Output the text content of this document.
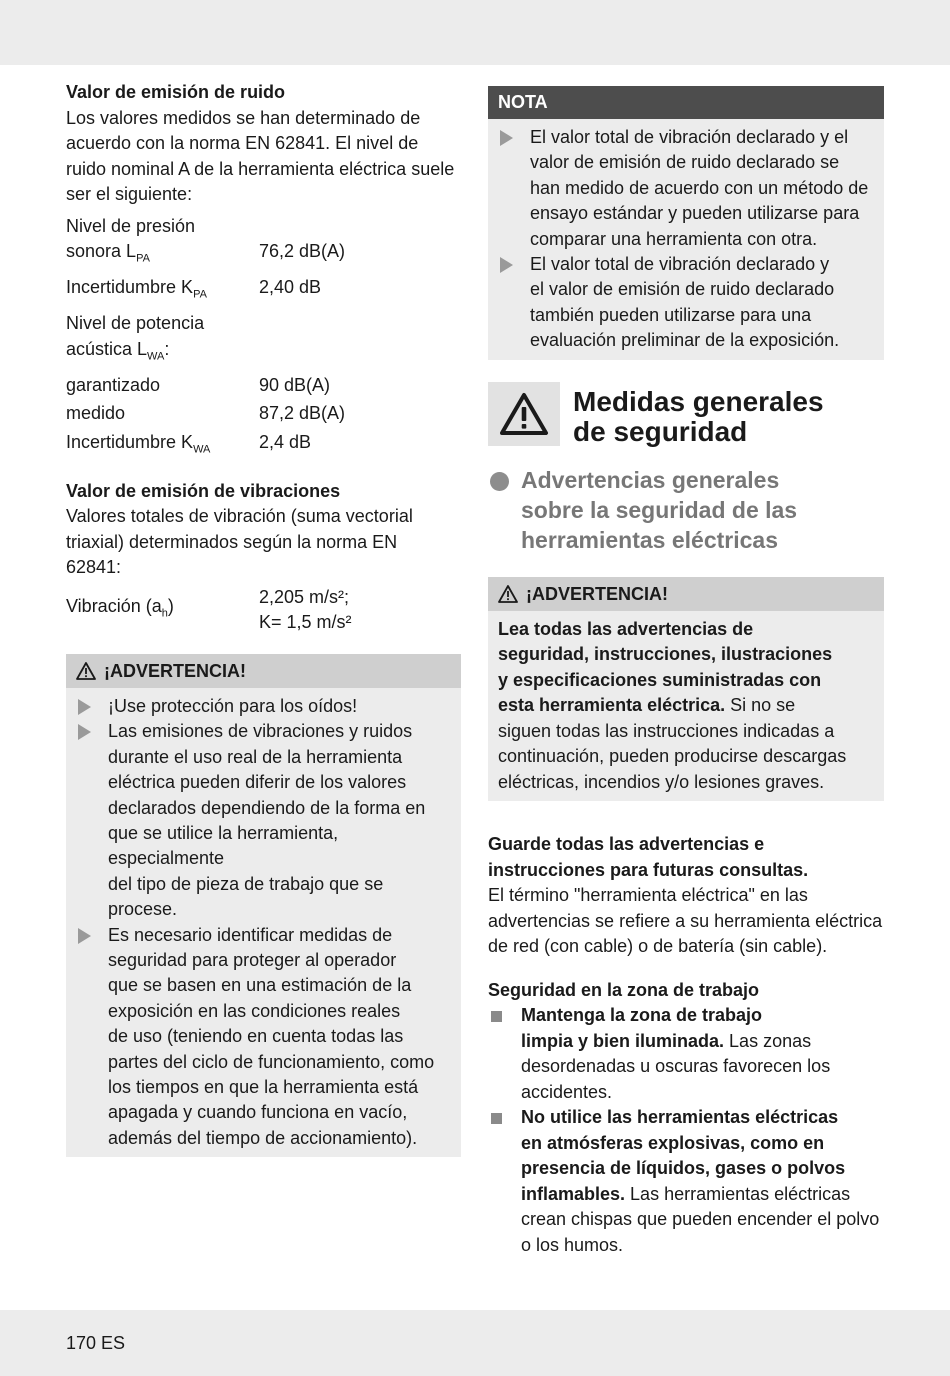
Valor de emisión de ruido
Los valores medidos se han determinado de
acuerdo con la norma EN 62841. El nivel de
ruido nominal A de la herramienta eléctrica suele
ser el siguiente:
Nivel de presión
sonora $L_{PA}$	76,2 dB(A)

Incertidumbre $K_{PA}$	2,40 dB

Nivel de potencia
acústica $L_{WA}$:	

garantizado	90 dB(A)
medido	87,2 dB(A)
Incertidumbre $K_{WA}$	2,4 dB
Valor de emisión de vibraciones
Valores totales de vibración (suma vectorial
triaxial) determinados según la norma EN
62841:
Vibración $(a_h)$	2,205 m/s²;
K= 1,5 m/s²
¡ADVERTENCIA!
¡Use protección para los oídos!
Las emisiones de vibraciones y ruidos
durante el uso real de la herramienta
eléctrica pueden diferir de los valores
declarados dependiendo de la forma en
que se utilice la herramienta, especialmente
del tipo de pieza de trabajo que se
procese.
Es necesario identificar medidas de
seguridad para proteger al operador
que se basen en una estimación de la
exposición en las condiciones reales
de uso (teniendo en cuenta todas las
partes del ciclo de funcionamiento, como
los tiempos en que la herramienta está
apagada y cuando funciona en vacío,
además del tiempo de accionamiento).
NOTA
El valor total de vibración declarado y el
valor de emisión de ruido declarado se
han medido de acuerdo con un método de
ensayo estándar y pueden utilizarse para
comparar una herramienta con otra.
El valor total de vibración declarado y
el valor de emisión de ruido declarado
también pueden utilizarse para una
evaluación preliminar de la exposición.
Medidas generales
de seguridad
Advertencias generales
sobre la seguridad de las
herramientas eléctricas
¡ADVERTENCIA!
Lea todas las advertencias de
seguridad, instrucciones, ilustraciones
y especificaciones suministradas con
esta herramienta eléctrica. Si no se
siguen todas las instrucciones indicadas a
continuación, pueden producirse descargas
eléctricas, incendios y/o lesiones graves.
Guarde todas las advertencias e
instrucciones para futuras consultas.
El término "herramienta eléctrica" en las
advertencias se refiere a su herramienta eléctrica
de red (con cable) o de batería (sin cable).
Seguridad en la zona de trabajo
Mantenga la zona de trabajo
limpia y bien iluminada. Las zonas
desordenadas u oscuras favorecen los
accidentes.
No utilice las herramientas eléctricas
en atmósferas explosivas, como en
presencia de líquidos, gases o polvos
inflamables. Las herramientas eléctricas
crean chispas que pueden encender el polvo
o los humos.
170 ES
